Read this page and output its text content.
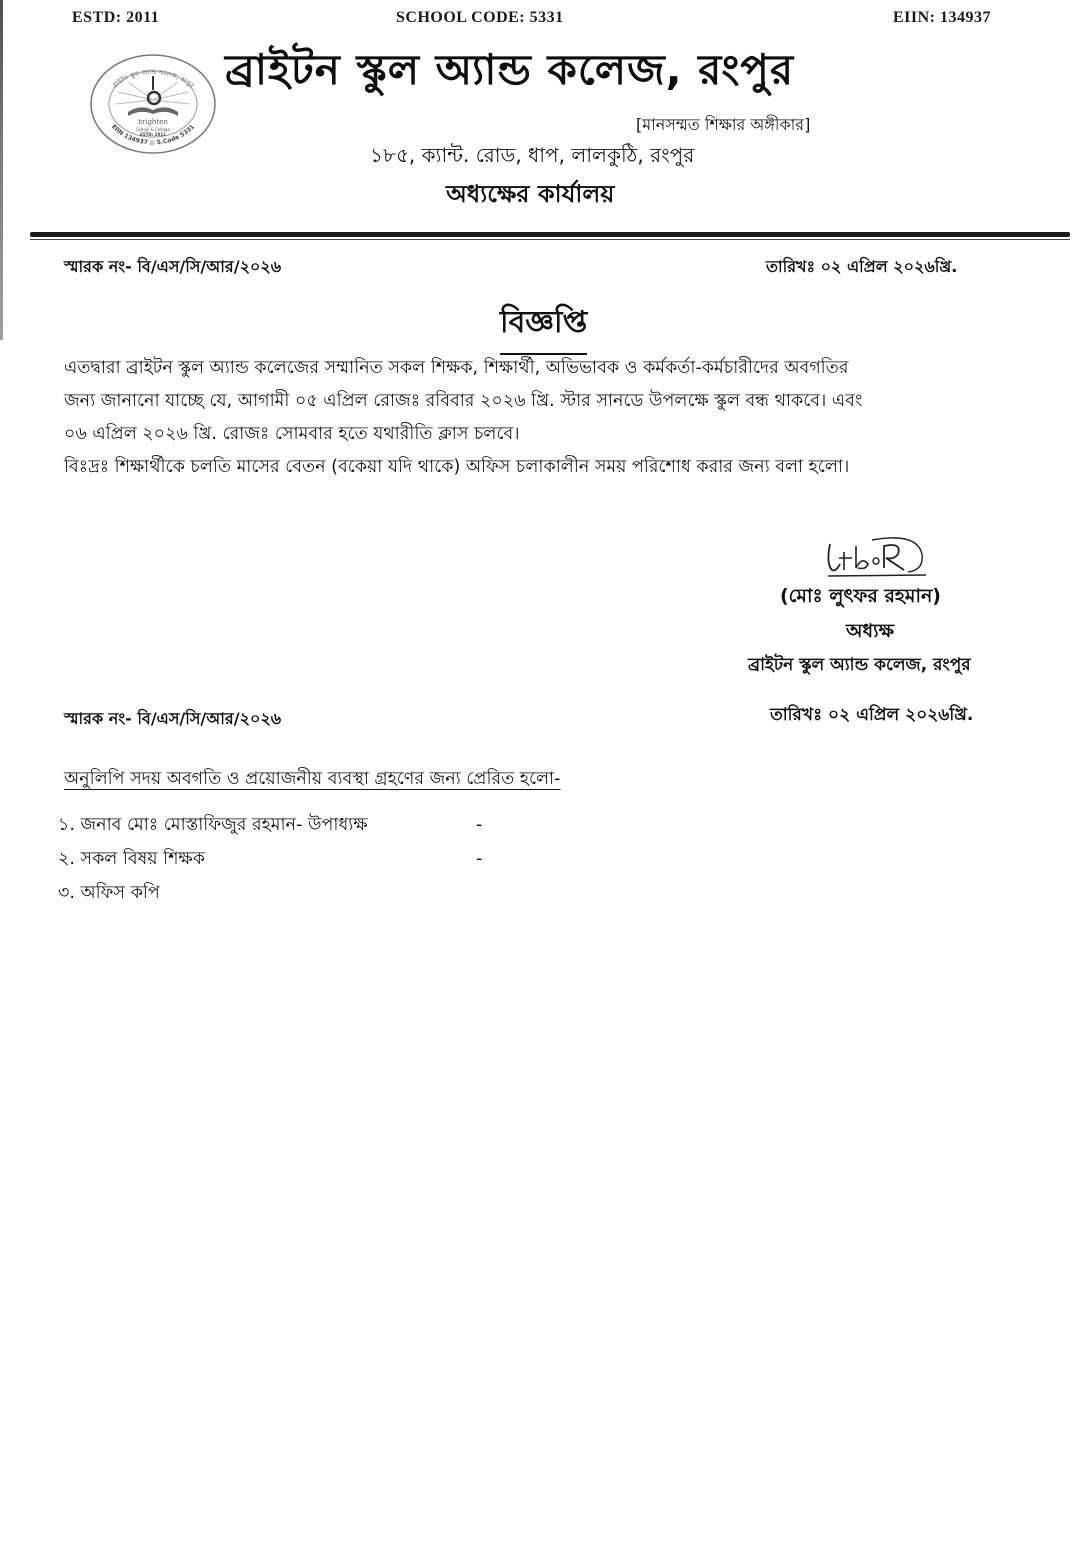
ESTD: 2011	SCHOOL CODE: 5331	EIIN: 134937
brighten
School & College
ESTD: 2011
ব্রাইটন স্কুল অ্যান্ড কলেজ, রংপুর
EIIN 134937 ◎ S.Code 5331
ব্রাইটন স্কুল অ্যান্ড কলেজ, রংপুর
[মানসম্মত শিক্ষার অঙ্গীকার]
১৮৫, ক্যান্ট. রোড, ধাপ, লালকুঠি, রংপুর
অধ্যক্ষের কার্যালয়
স্মারক নং- বি/এস/সি/আর/২০২৬	তারিখঃ ০২ এপ্রিল ২০২৬খ্রি.
বিজ্ঞপ্তি
এতদ্বারা ব্রাইটন স্কুল অ্যান্ড কলেজের সম্মানিত সকল শিক্ষক, শিক্ষার্থী, অভিভাবক ও কর্মকর্তা-কর্মচারীদের অবগতির
জন্য জানানো যাচ্ছে যে, আগামী ০৫ এপ্রিল রোজঃ রবিবার ২০২৬ খ্রি. স্টার সানডে উপলক্ষে স্কুল বন্ধ থাকবে। এবং
০৬ এপ্রিল ২০২৬ খ্রি. রোজঃ সোমবার হতে যথারীতি ক্লাস চলবে।
বিঃদ্রঃ শিক্ষার্থীকে চলতি মাসের বেতন (বকেয়া যদি থাকে) অফিস চলাকালীন সময় পরিশোধ করার জন্য বলা হলো।
(মোঃ লুৎফর রহমান)
অধ্যক্ষ
ব্রাইটন স্কুল অ্যান্ড কলেজ, রংপুর
স্মারক নং- বি/এস/সি/আর/২০২৬	তারিখঃ ০২ এপ্রিল ২০২৬খ্রি.
অনুলিপি সদয় অবগতি ও প্রয়োজনীয় ব্যবস্থা গ্রহণের জন্য প্রেরিত হলো-
১. জনাব মোঃ মোস্তাফিজুর রহমান- উপাধ্যক্ষ	-
২. সকল বিষয় শিক্ষক	-
৩. অফিস কপি
